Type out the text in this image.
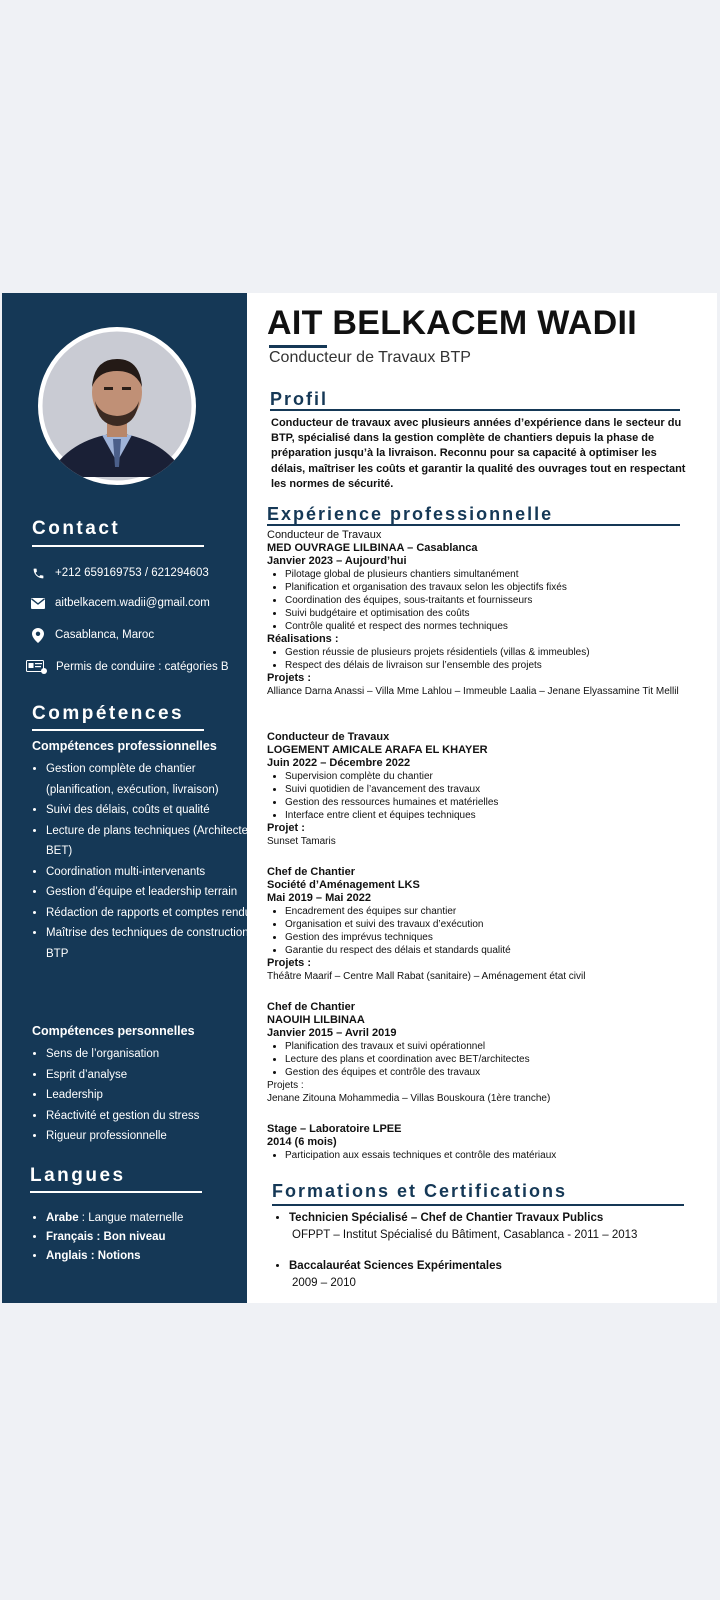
Contact
+212 659169753 / 621294603
aitbelkacem.wadii@gmail.com
Casablanca, Maroc
Permis de conduire : catégories B
Compétences
Compétences professionnelles
• Gestion complète de chantier (planification, exécution, livraison)
• Suivi des délais, coûts et qualité
• Lecture de plans techniques (Architecte & BET)
• Coordination multi-intervenants
• Gestion d’équipe et leadership terrain
• Rédaction de rapports et comptes rendus
• Maîtrise des techniques de construction BTP
Compétences personnelles
• Sens de l’organisation
• Esprit d’analyse
• Leadership
• Réactivité et gestion du stress
• Rigueur professionnelle
Langues
• Arabe : Langue maternelle
• Français : Bon niveau
• Anglais : Notions
AIT BELKACEM WADII
Conducteur de Travaux BTP
Profil
Conducteur de travaux avec plusieurs années d’expérience dans le secteur du BTP, spécialisé dans la gestion complète de chantiers depuis la phase de préparation jusqu’à la livraison. Reconnu pour sa capacité à optimiser les délais, maîtriser les coûts et garantir la qualité des ouvrages tout en respectant les normes de sécurité.
Expérience professionnelle
Conducteur de Travaux
MED OUVRAGE LILBINAA – Casablanca
Janvier 2023 – Aujourd’hui
• Pilotage global de plusieurs chantiers simultanément
• Planification et organisation des travaux selon les objectifs fixés
• Coordination des équipes, sous-traitants et fournisseurs
• Suivi budgétaire et optimisation des coûts
• Contrôle qualité et respect des normes techniques
Réalisations :
• Gestion réussie de plusieurs projets résidentiels (villas & immeubles)
• Respect des délais de livraison sur l’ensemble des projets
Projets :
Alliance Darna Anassi – Villa Mme Lahlou – Immeuble Laalia – Jenane Elyassamine Tit Mellil
Conducteur de Travaux
LOGEMENT AMICALE ARAFA EL KHAYER
Juin 2022 – Décembre 2022
• Supervision complète du chantier
• Suivi quotidien de l’avancement des travaux
• Gestion des ressources humaines et matérielles
• Interface entre client et équipes techniques
Projet :
Sunset Tamaris
Chef de Chantier
Société d’Aménagement LKS
Mai 2019 – Mai 2022
• Encadrement des équipes sur chantier
• Organisation et suivi des travaux d’exécution
• Gestion des imprévus techniques
• Garantie du respect des délais et standards qualité
Projets :
Théâtre Maarif – Centre Mall Rabat (sanitaire) – Aménagement état civil
Chef de Chantier
NAOUIH LILBINAA
Janvier 2015 – Avril 2019
• Planification des travaux et suivi opérationnel
• Lecture des plans et coordination avec BET/architectes
• Gestion des équipes et contrôle des travaux
Projets :
Jenane Zitouna Mohammedia – Villas Bouskoura (1ère tranche)
Stage – Laboratoire LPEE
2014 (6 mois)
• Participation aux essais techniques et contrôle des matériaux
Formations et Certifications
• Technicien Spécialisé – Chef de Chantier Travaux Publics
OFPPT – Institut Spécialisé du Bâtiment, Casablanca - 2011 – 2013
• Baccalauréat Sciences Expérimentales
2009 – 2010
